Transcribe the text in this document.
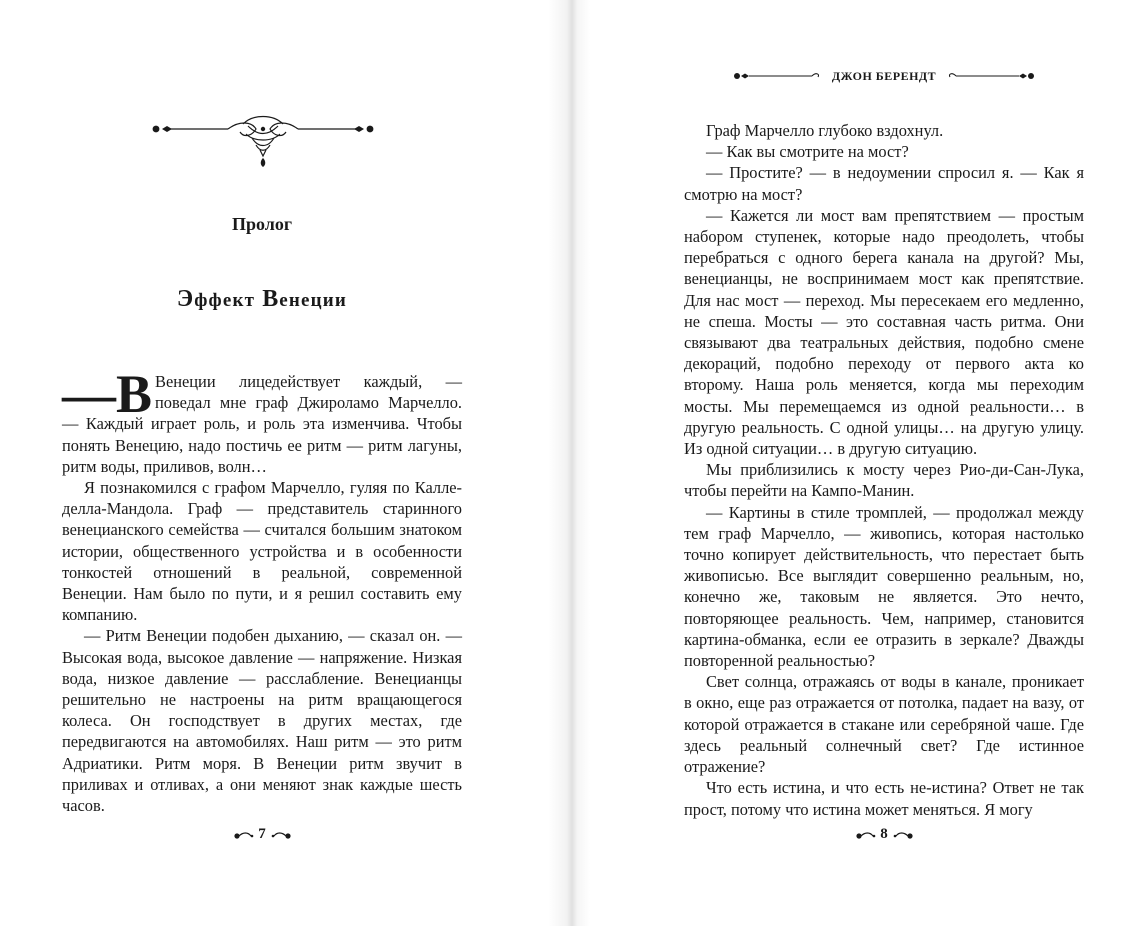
Пролог
Эффект Венеции

—В Венеции лицедействует каждый, — поведал мне граф Джироламо Марчелло. — Каждый играет роль, и роль эта изменчива. Чтобы понять Венецию, надо постичь ее ритм — ритм лагуны, ритм воды, приливов, волн…

Я познакомился с графом Марчелло, гуляя по Калле-делла-Мандола. Граф — представитель старинного венецианского семейства — считался большим знатоком истории, общественного устройства и в особенности тонкостей отношений в реальной, современной Венеции. Нам было по пути, и я решил составить ему компанию.

— Ритм Венеции подобен дыханию, — сказал он. — Высокая вода, высокое давление — напряжение. Низкая вода, низкое давление — расслабление. Венецианцы решительно не настроены на ритм вращающегося колеса. Он господствует в других местах, где передвигаются на автомобилях. Наш ритм — это ритм Адриатики. Ритм моря. В Венеции ритм звучит в приливах и отливах, а они меняют знак каждые шесть часов.

7
ДЖОН БЕРЕНДТ

Граф Марчелло глубоко вздохнул.

— Как вы смотрите на мост?

— Простите? — в недоумении спросил я. — Как я смотрю на мост?

— Кажется ли мост вам препятствием — простым набором ступенек, которые надо преодолеть, чтобы перебраться с одного берега канала на другой? Мы, венецианцы, не воспринимаем мост как препятствие. Для нас мост — переход. Мы пересекаем его медленно, не спеша. Мосты — это составная часть ритма. Они связывают два театральных действия, подобно смене декораций, подобно переходу от первого акта ко второму. Наша роль меняется, когда мы переходим мосты. Мы перемещаемся из одной реальности… в другую реальность. С одной улицы… на другую улицу. Из одной ситуации… в другую ситуацию.

Мы приблизились к мосту через Рио-ди-Сан-Лука, чтобы перейти на Кампо-Манин.

— Картины в стиле тромплей, — продолжал между тем граф Марчелло, — живопись, которая настолько точно копирует действительность, что перестает быть живописью. Все выглядит совершенно реальным, но, конечно же, таковым не является. Это нечто, повторяющее реальность. Чем, например, становится картина-обманка, если ее отразить в зеркале? Дважды повторенной реальностью?

Свет солнца, отражаясь от воды в канале, проникает в окно, еще раз отражается от потолка, падает на вазу, от которой отражается в стакане или серебряной чаше. Где здесь реальный солнечный свет? Где истинное отражение?

Что есть истина, и что есть не-истина? Ответ не так прост, потому что истина может меняться. Я могу

8
